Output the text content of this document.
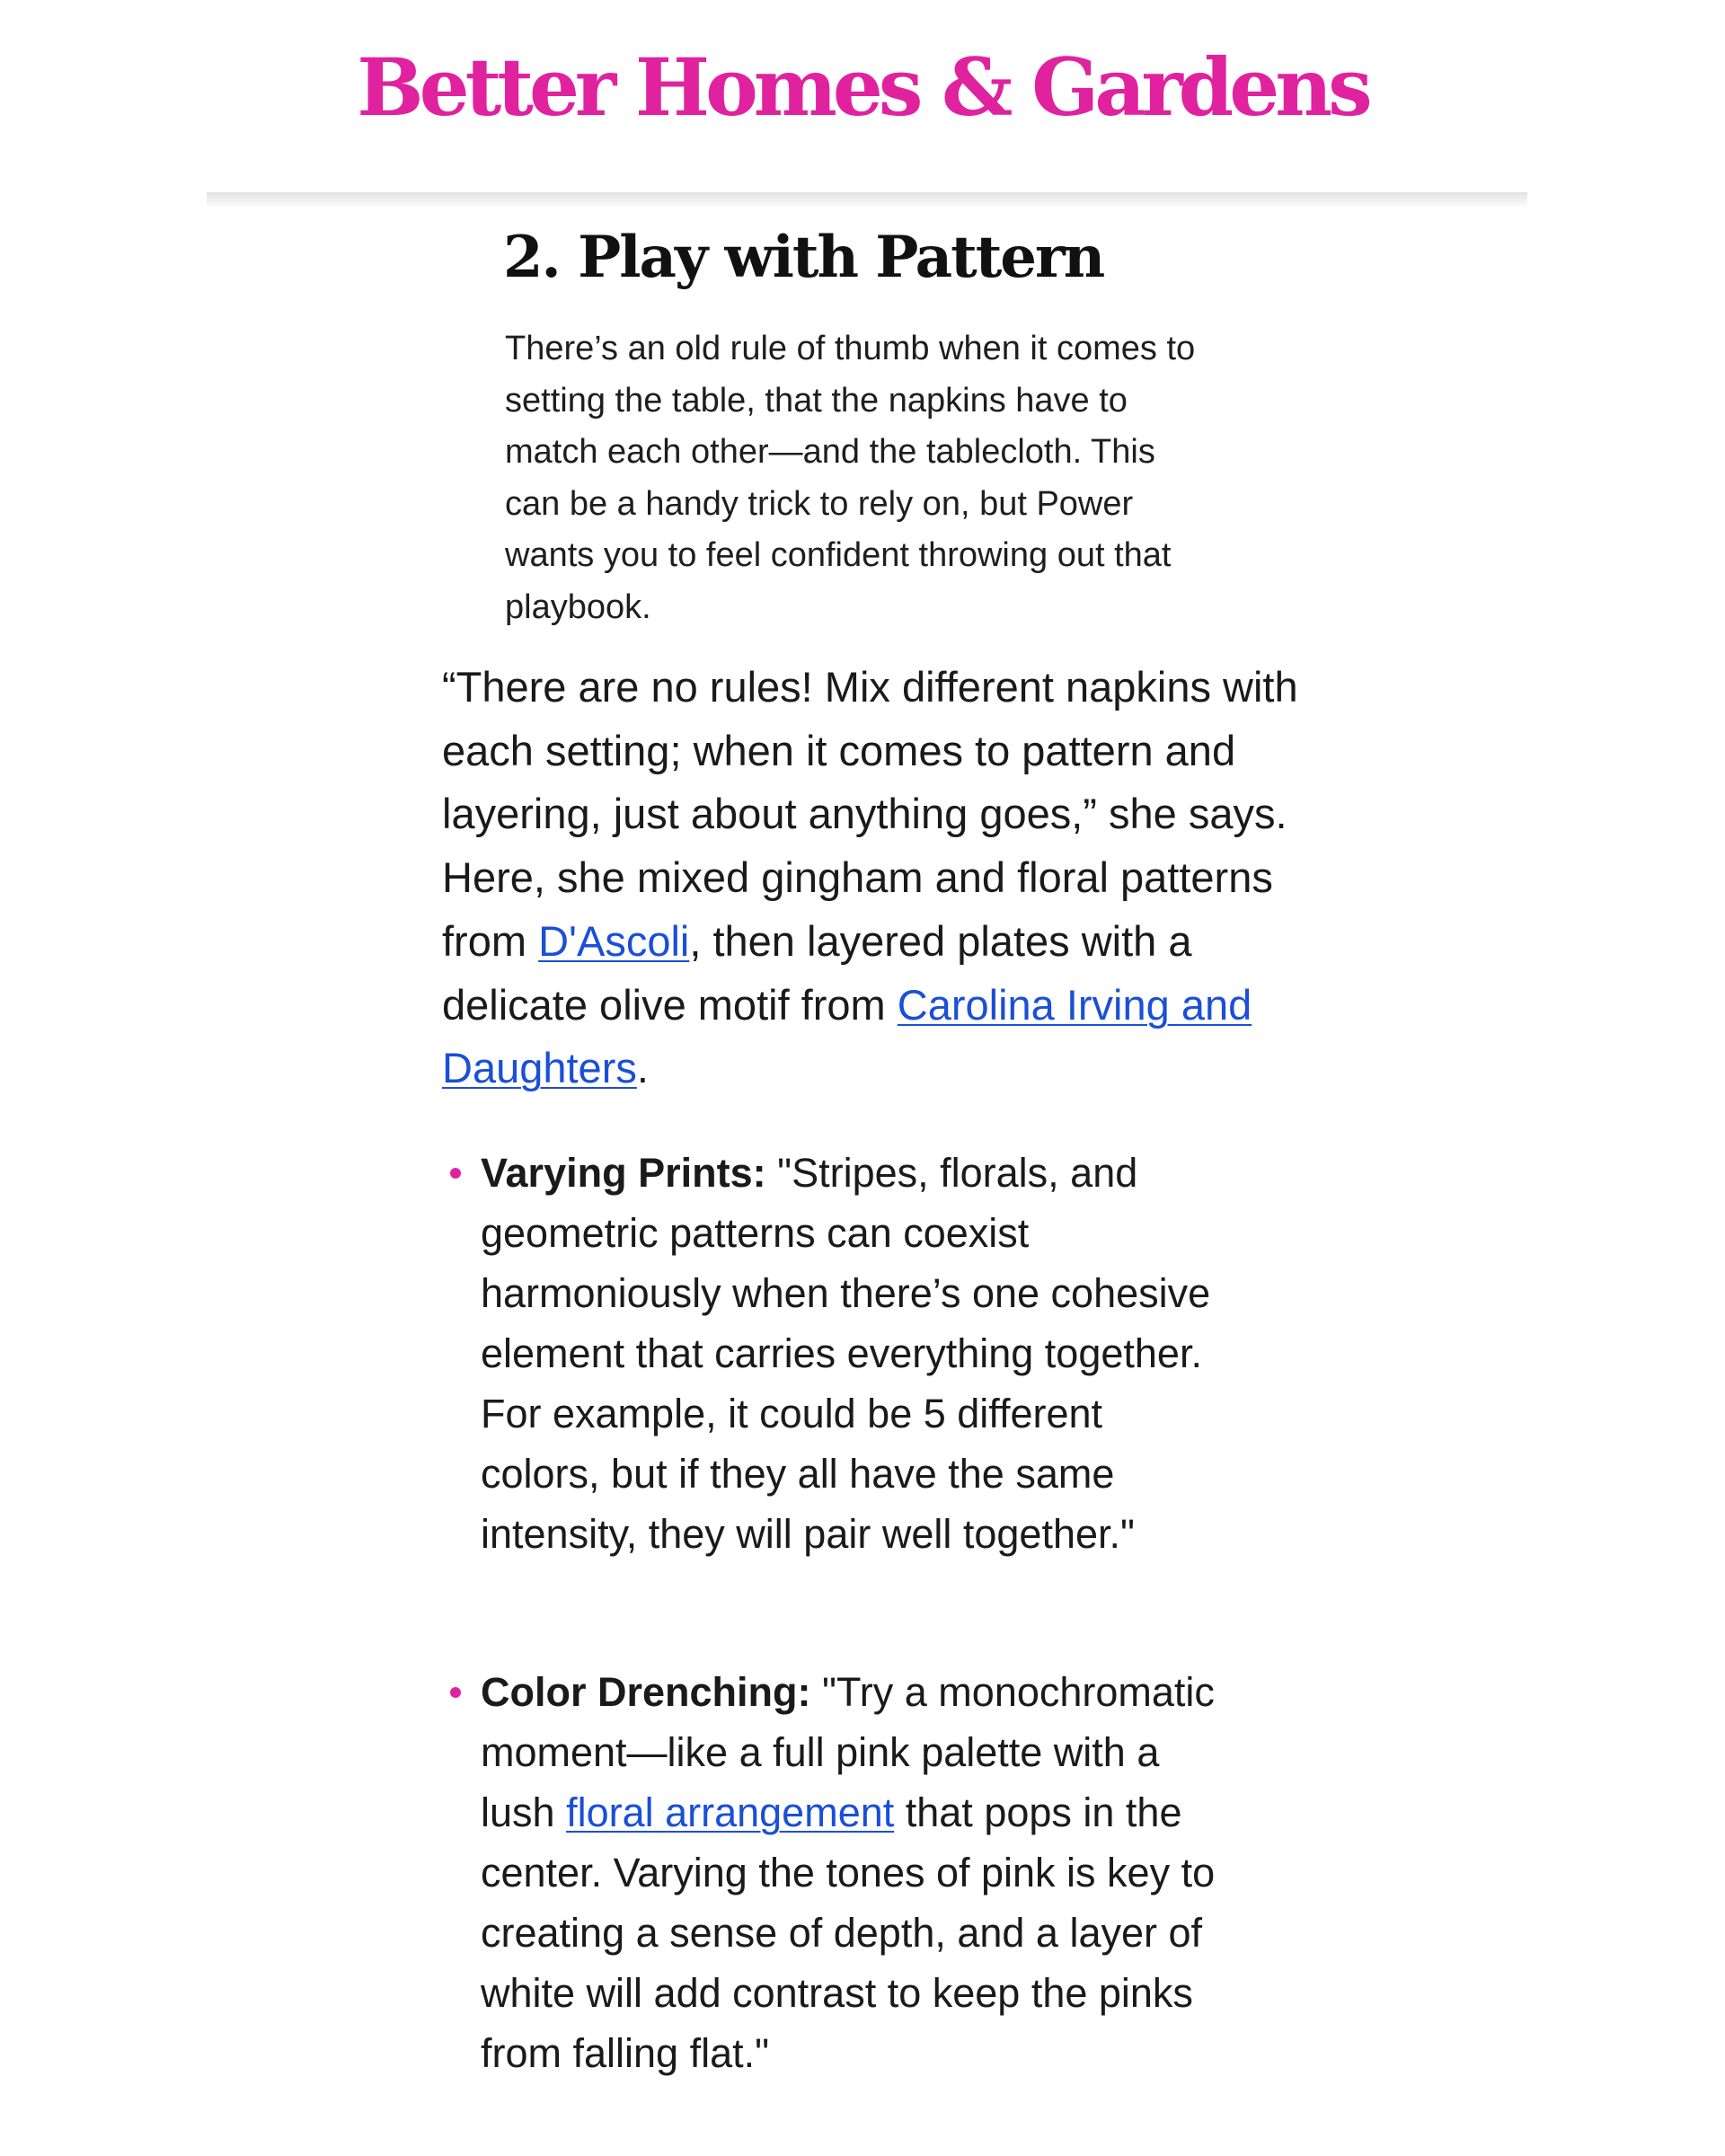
Better Homes & Gardens
2. Play with Pattern

There’s an old rule of thumb when it comes to setting the table, that the napkins have to match each other—and the tablecloth. This can be a handy trick to rely on, but Power wants you to feel confident throwing out that playbook.

“There are no rules! Mix different napkins with each setting; when it comes to pattern and layering, just about anything goes,” she says. Here, she mixed gingham and floral patterns from D'Ascoli, then layered plates with a delicate olive motif from Carolina Irving and Daughters.

Varying Prints: "Stripes, florals, and geometric patterns can coexist harmoniously when there’s one cohesive element that carries everything together. For example, it could be 5 different colors, but if they all have the same intensity, they will pair well together."
Color Drenching: "Try a monochromatic moment—like a full pink palette with a lush floral arrangement that pops in the center. Varying the tones of pink is key to creating a sense of depth, and a layer of white will add contrast to keep the pinks from falling flat."
